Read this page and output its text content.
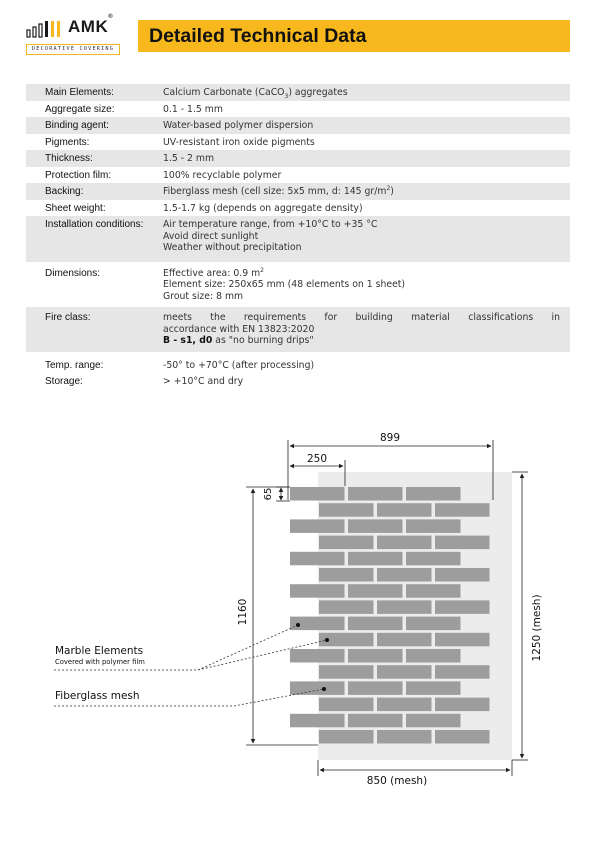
AMK®
DECORATIVE COVERING
Detailed Technical Data
Main Elements:	Calcium Carbonate (CaCO$_3$) aggregates
Aggregate size:	0.1 - 1.5 mm
Binding agent:	Water-based polymer dispersion
Pigments:	UV-resistant iron oxide pigments
Thickness:	1.5 - 2 mm
Protection film:	100% recyclable polymer
Backing:	Fiberglass mesh (cell size: 5x5 mm, d: 145 $gr/m^2$)
Sheet weight:	1.5-1.7 kg (depends on aggregate density)
Installation conditions:	Air temperature range, from +10°C to +35 °C
Avoid direct sunlight
Weather without precipitation
Dimensions:	Effective area: 0.9 $m^2$
Element size: 250x65 mm (48 elements on 1 sheet)
Grout size: 8 mm
Fire class:	meets the requirements for building material classifications in
accordance with EN 13823:2020
B - s1, d0 as "no burning drips"
Temp. range:	-50° to +70°C (after processing)
Storage:	> +10°C and dry
899
250
65
1160	1250 (mesh)
850 (mesh)
Marble Elements
Covered with polymer film
Fiberglass mesh
